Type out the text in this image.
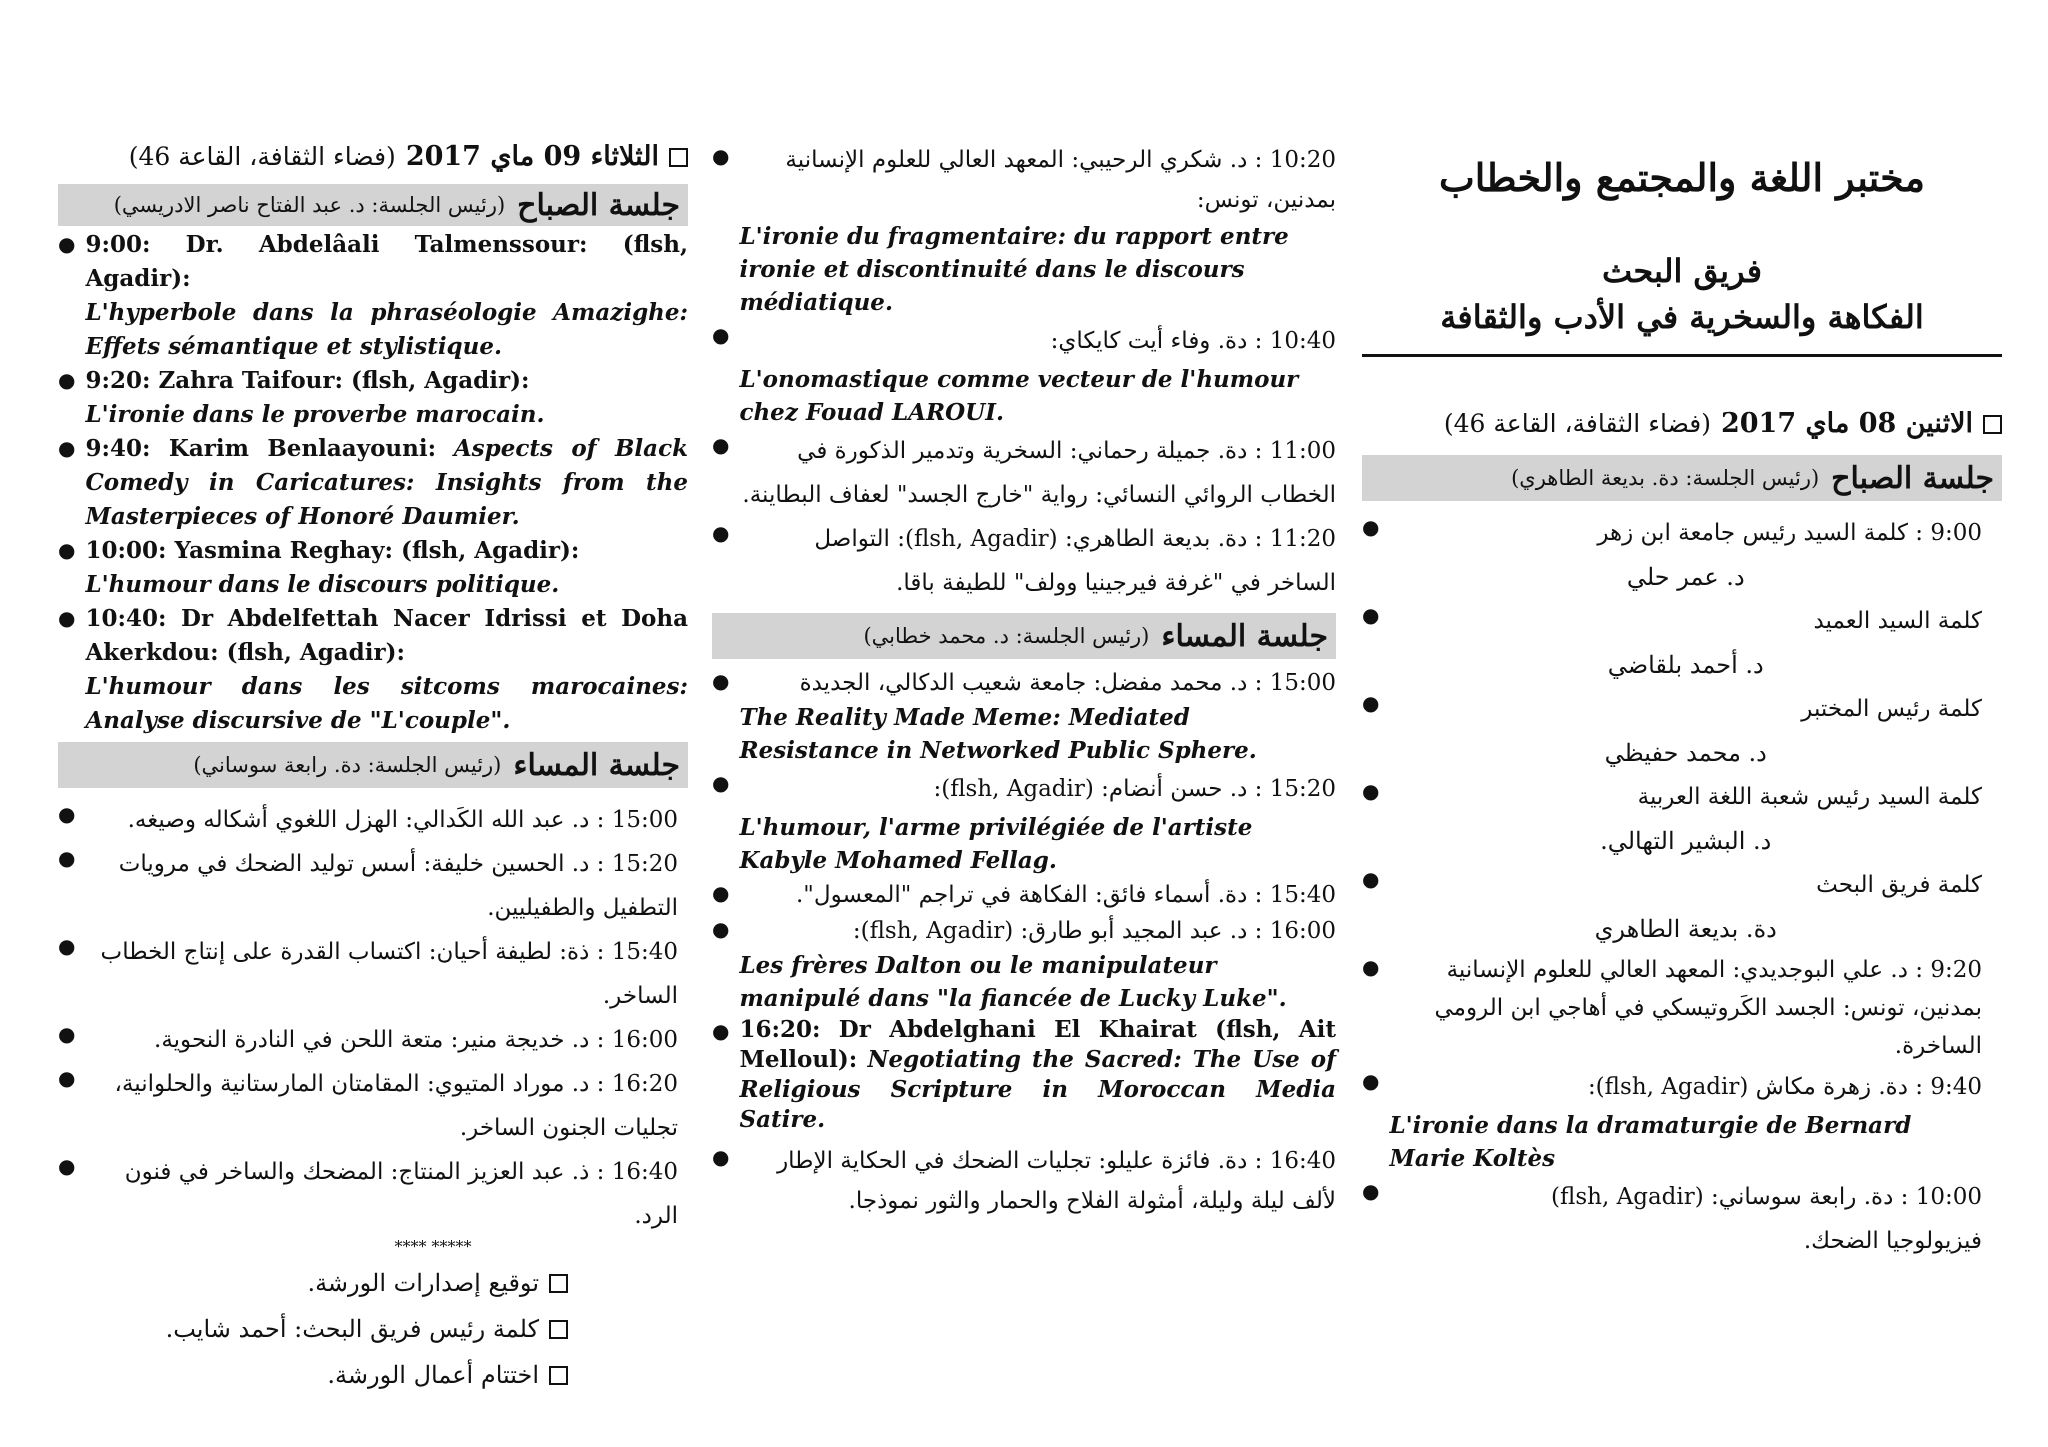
مختبر اللغة والمجتمع والخطاب
فريق البحث
الفكاهة والسخرية في الأدب والثقافة
الاثنين 08 ماي 2017
(فضاء الثقافة، القاعة 46)
جلسة الصباح
(رئيس الجلسة: دة. بديعة الطاهري)
●	9:00 : كلمة السيد رئيس جامعة ابن زهر
د. عمر حلي
●	كلمة السيد العميد
د. أحمد بلقاضي
●	كلمة رئيس المختبر
د. محمد حفيظي
●	كلمة السيد رئيس شعبة اللغة العربية
د. البشير التهالي.
●	كلمة فريق البحث
دة. بديعة الطاهري
●	9:20 : د. علي البوجديدي: المعهد العالي للعلوم الإنسانية بمدنين، تونس: الجسد الكَروتيسكي في أهاجي ابن الرومي الساخرة.
●	9:40 : دة. زهرة مكاش (flsh, Agadir):
L'ironie dans la dramaturgie de Bernard Marie Koltès
●	10:00 : دة. رابعة سوساني: (flsh, Agadir)
فيزيولوجيا الضحك.
●	10:20 : د. شكري الرحيبي: المعهد العالي للعلوم الإنسانية بمدنين، تونس:
L'ironie du fragmentaire: du rapport entre ironie et discontinuité dans le discours médiatique.
●	10:40 : دة. وفاء أيت كايكاي:
L'onomastique comme vecteur de l'humour chez Fouad LAROUI.
●	11:00 : دة. جميلة رحماني: السخرية وتدمير الذكورة في الخطاب الروائي النسائي: رواية "خارج الجسد" لعفاف البطاينة.
●	11:20 : دة. بديعة الطاهري: (flsh, Agadir): التواصل الساخر في "غرفة فيرجينيا وولف" للطيفة باقا.
جلسة المساء
(رئيس الجلسة: د. محمد خطابي)
●	15:00 : د. محمد مفضل: جامعة شعيب الدكالي، الجديدة
The Reality Made Meme: Mediated Resistance in Networked Public Sphere.
●	15:20 : د. حسن أنضام: (flsh, Agadir):
L'humour, l'arme privilégiée de l'artiste Kabyle Mohamed Fellag.
●	15:40 : دة. أسماء فائق: الفكاهة في تراجم "المعسول".
●	16:00 : د. عبد المجيد أبو طارق: (flsh, Agadir):
Les frères Dalton ou le manipulateur manipulé dans "la fiancée de Lucky Luke".
● 16:20: Dr Abdelghani El Khairat (flsh, Ait Melloul): Negotiating the Sacred: The Use of Religious Scripture in Moroccan Media Satire.
●	16:40 : دة. فائزة عليلو: تجليات الضحك في الحكاية الإطار لألف ليلة وليلة، أمثولة الفلاح والحمار والثور نموذجا.
الثلاثاء 09 ماي 2017
(فضاء الثقافة، القاعة 46)
جلسة الصباح
(رئيس الجلسة: د. عبد الفتاح ناصر الادريسي)
● 9:00: Dr. Abdelâali Talmenssour: (flsh, Agadir):
L'hyperbole dans la phraséologie Amazighe: Effets sémantique et stylistique.
● 9:20: Zahra Taifour: (flsh, Agadir):
L'ironie dans le proverbe marocain.
● 9:40: Karim Benlaayouni: Aspects of Black Comedy in Caricatures: Insights from the Masterpieces of Honoré Daumier.
● 10:00: Yasmina Reghay: (flsh, Agadir):
L'humour dans le discours politique.
● 10:40: Dr Abdelfettah Nacer Idrissi et Doha Akerkdou: (flsh, Agadir):
L'humour dans les sitcoms marocaines: Analyse discursive de "L'couple".
جلسة المساء
(رئيس الجلسة: دة. رابعة سوساني)
●	15:00 : د. عبد الله الكَدالي: الهزل اللغوي أشكاله وصيغه.
●	15:20 : د. الحسين خليفة: أسس توليد الضحك في مرويات التطفيل والطفيليين.
●	15:40 : ذة: لطيفة أحيان: اكتساب القدرة على إنتاج الخطاب الساخر.
●	16:00 : د. خديجة منير: متعة اللحن في النادرة النحوية.
●	16:20 : د. موراد المتيوي: المقامتان المارستانية والحلوانية، تجليات الجنون الساخر.
●	16:40 : ذ. عبد العزيز المنتاج: المضحك والساخر في فنون الرد.
**** *****
توقيع إصدارات الورشة.
كلمة رئيس فريق البحث: أحمد شايب.
اختتام أعمال الورشة.
